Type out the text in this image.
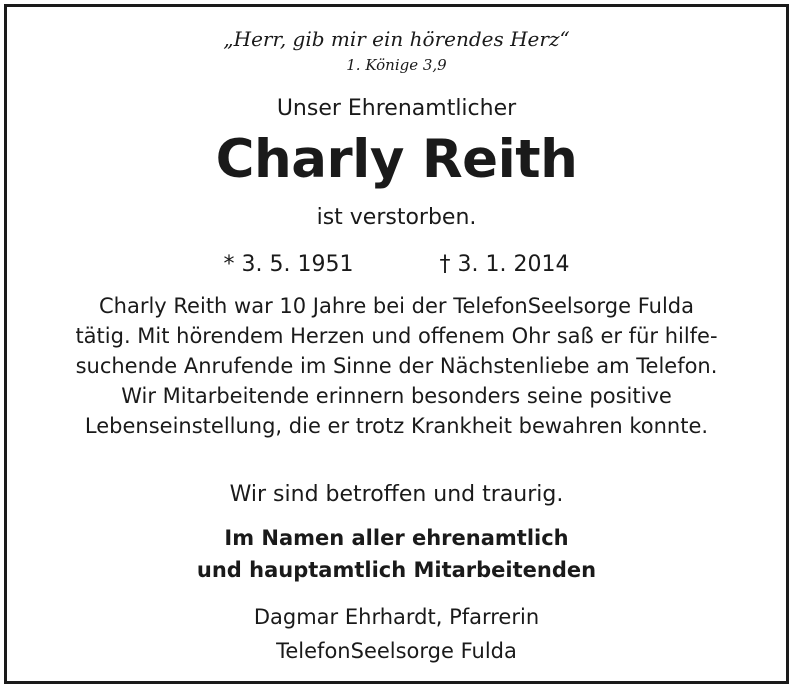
„Herr, gib mir ein hörendes Herz“
1. Könige 3,9
Unser Ehrenamtlicher
Charly Reith
ist verstorben.
* 3. 5. 1951	† 3. 1. 2014
Charly Reith war 10 Jahre bei der TelefonSeelsorge Fulda
tätig. Mit hörendem Herzen und offenem Ohr saß er für hilfe-
suchende Anrufende im Sinne der Nächstenliebe am Telefon.
Wir Mitarbeitende erinnern besonders seine positive
Lebenseinstellung, die er trotz Krankheit bewahren konnte.
Wir sind betroffen und traurig.
Im Namen aller ehrenamtlich
und hauptamtlich Mitarbeitenden
Dagmar Ehrhardt, Pfarrerin
TelefonSeelsorge Fulda
